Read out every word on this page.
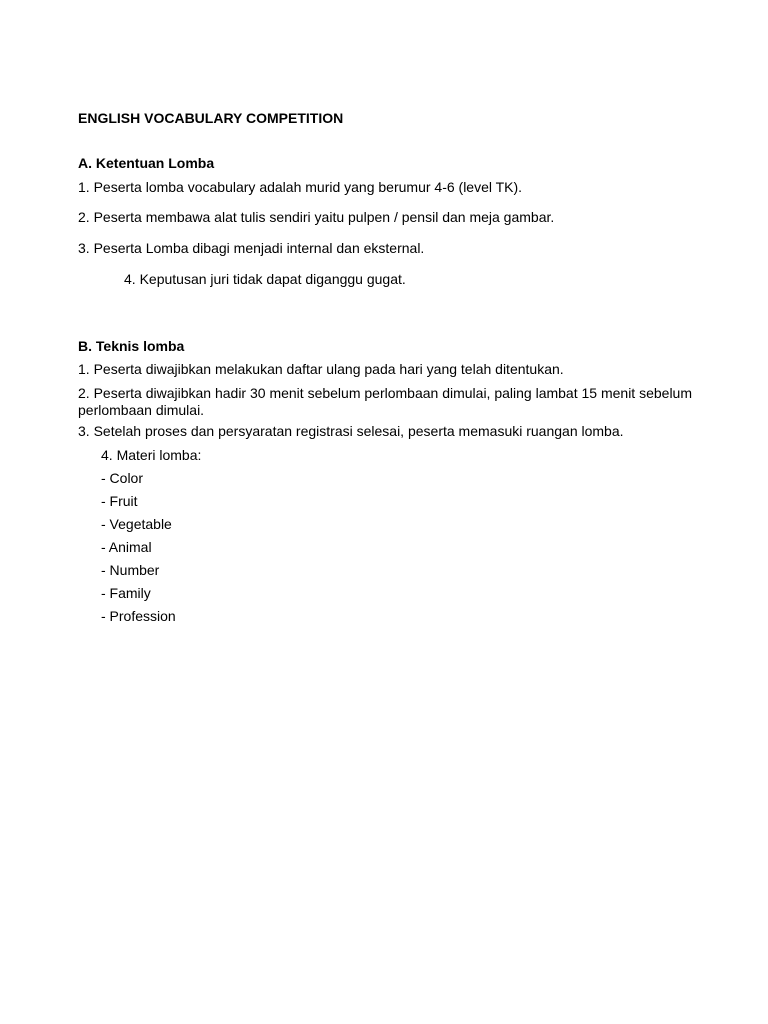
ENGLISH VOCABULARY COMPETITION

A. Ketentuan Lomba

1. Peserta lomba vocabulary adalah murid yang berumur 4-6 (level TK).

2. Peserta membawa alat tulis sendiri yaitu pulpen / pensil dan meja gambar.

3. Peserta Lomba dibagi menjadi internal dan eksternal.

4. Keputusan juri tidak dapat diganggu gugat.

B. Teknis lomba

1. Peserta diwajibkan melakukan daftar ulang pada hari yang telah ditentukan.

2. Peserta diwajibkan hadir 30 menit sebelum perlombaan dimulai, paling lambat 15 menit sebelum perlombaan dimulai.

3. Setelah proses dan persyaratan registrasi selesai, peserta memasuki ruangan lomba.

4. Materi lomba:

- Color

- Fruit

- Vegetable

- Animal

- Number

- Family

- Profession
